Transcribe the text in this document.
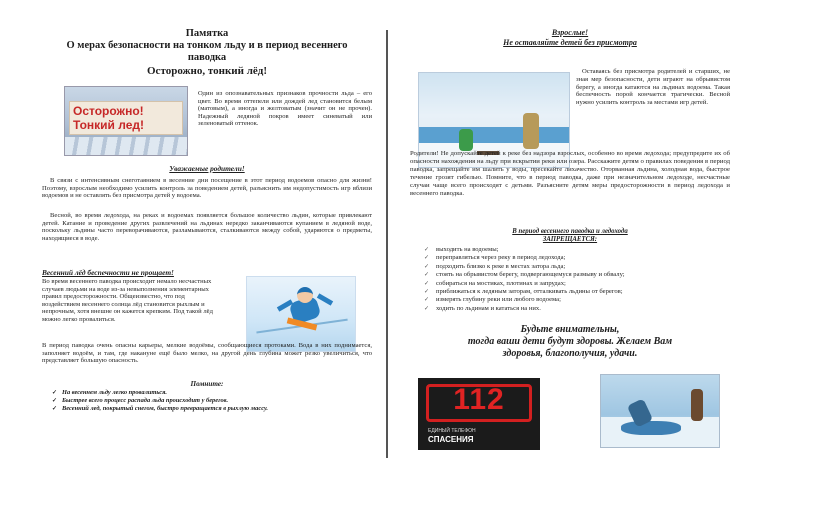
Памятка
О мерах безопасности на тонком льду и в период весеннего
паводка
Осторожно, тонкий лёд!
Осторожно!
Тонкий лед!

Один из опознавательных признаков прочности льда – его цвет. Во время оттепели или дождей лед становится белым (матовым), а иногда и желтоватым (значит он не прочен). Надежный ледяной покров имеет синеватый или зеленоватый оттенок.

Уважаемые родители!

В связи с интенсивным снеготаянием в весенние дни посещение в этот период водоемов опасно для жизни! Поэтому, взрослым необходимо усилить контроль за поведением детей, разъяснить им недопустимость игр вблизи водоемов и не оставлять без присмотра детей у водоема.

Весной, во время ледохода, на реках и водоемах появляется большое количество льдин, которые привлекают детей. Катание и проведение других развлечений на льдинах нередко заканчиваются купанием в ледяной воде, поскольку льдины часто переворачиваются, разламываются, сталкиваются между собой, ударяются о предметы, находящиеся в воде.

Весенний лёд беспечности не прощает!

Во время весеннего паводка происходит немало несчастных случаев людьми на воде из-за невыполнения элементарных правил предосторожности. Общеизвестно, что под воздействием весеннего солнца лёд становится рыхлым и непрочным, хотя внешне он кажется крепким. Под такой лёд можно легко провалиться.

В период паводка очень опасны карьеры, мелкие водоёмы, сообщающиеся протоками. Вода в них поднимается, заполняет водоём, и там, где накануне ещё было мелко, на другой день глубина может резко увеличиться, что представляет большую опасность.

Помните:
✓ На весеннем льду легко провалиться.
✓ Быстрее всего процесс распада льда происходит у берегов.
✓ Весенний лед, покрытый снегом, быстро превращается в рыхлую массу.
Взрослые!
Не оставляйте детей без присмотра

Оставаясь без присмотра родителей и старших, не зная мер безопасности, дети играют на обрывистом берегу, а иногда катаются на льдинах водоема. Такая беспечность порой кончается трагически. Весной нужно усилить контроль за местами игр детей.

Родители! Не допускайте детей к реке без надзора взрослых, особенно во время ледохода; предупредите их об опасности нахождения на льду при вскрытии реки или озера. Расскажите детям о правилах поведения в период паводка, запрещайте им шалить у воды, пресекайте лихачество. Оторванная льдина, холодная вода, быстрое течение грозят гибелью. Помните, что в период паводка, даже при незначительном ледоходе, несчастные случаи чаще всего происходят с детьми. Разъясните детям меры предосторожности в период ледохода и весеннего паводка.

В период весеннего паводка и ледохода
ЗАПРЕЩАЕТСЯ:
✓ выходить на водоемы;
✓ переправляться через реку в период ледохода;
✓ подходить близко к реке в местах затора льда;
✓ стоять на обрывистом берегу, подвергающемуся размыву и обвалу;
✓ собираться на мостиках, плотинах и запрудах;
✓ приближаться к ледяным заторам, отталкивать льдины от берегов;
✓ измерять глубину реки или любого водоема;
✓ ходить по льдинам и кататься на них.
Будьте внимательны,
тогда ваши дети будут здоровы. Желаем Вам
здоровья, благополучия, удачи.
112
ЕДИНЫЙ ТЕЛЕФОН
СПАСЕНИЯ
